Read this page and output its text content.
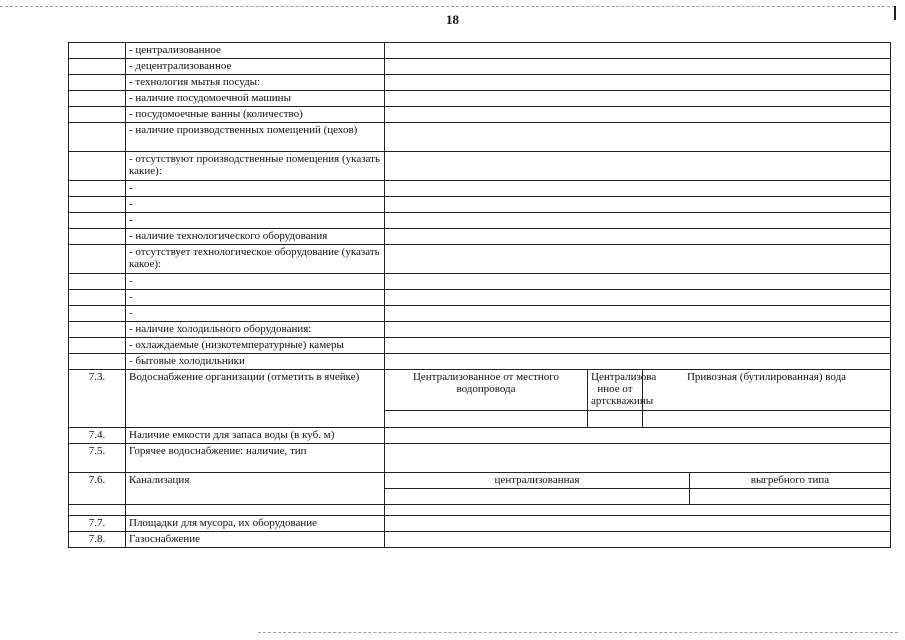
18
	- централизованное				
	- децентрализованное				
	- технология мытья посуды:				
	- наличие посудомоечной машины				
	- посудомоечные ванны (количество)				
	- наличие производственных помещений (цехов)				
	- отсутствуют производственные помещения (указать какие):				
	-				
	-				
	-				
	- наличие технологического оборудования				
	- отсутствует технологическое оборудование (указать какое):				
	-				
	-				
	-				
	- наличие холодильного оборудования:				
	- охлаждаемые (низкотемпературные) камеры				
	- бытовые холодильники				
7.3.	Водоснабжение организации (отметить в ячейке)	Централизованное от местного водопровода	Централизова нное от артскважины	Привозная (бутилированная) вода	

7.4.	Наличие емкости для запаса воды (в куб. м)				
7.5.	Горячее водоснабжение: наличие, тип				
7.6.	Канализация	централизованная			выгребного типа

7.7.	Площадки для мусора, их оборудование				
7.8.	Газоснабжение				
